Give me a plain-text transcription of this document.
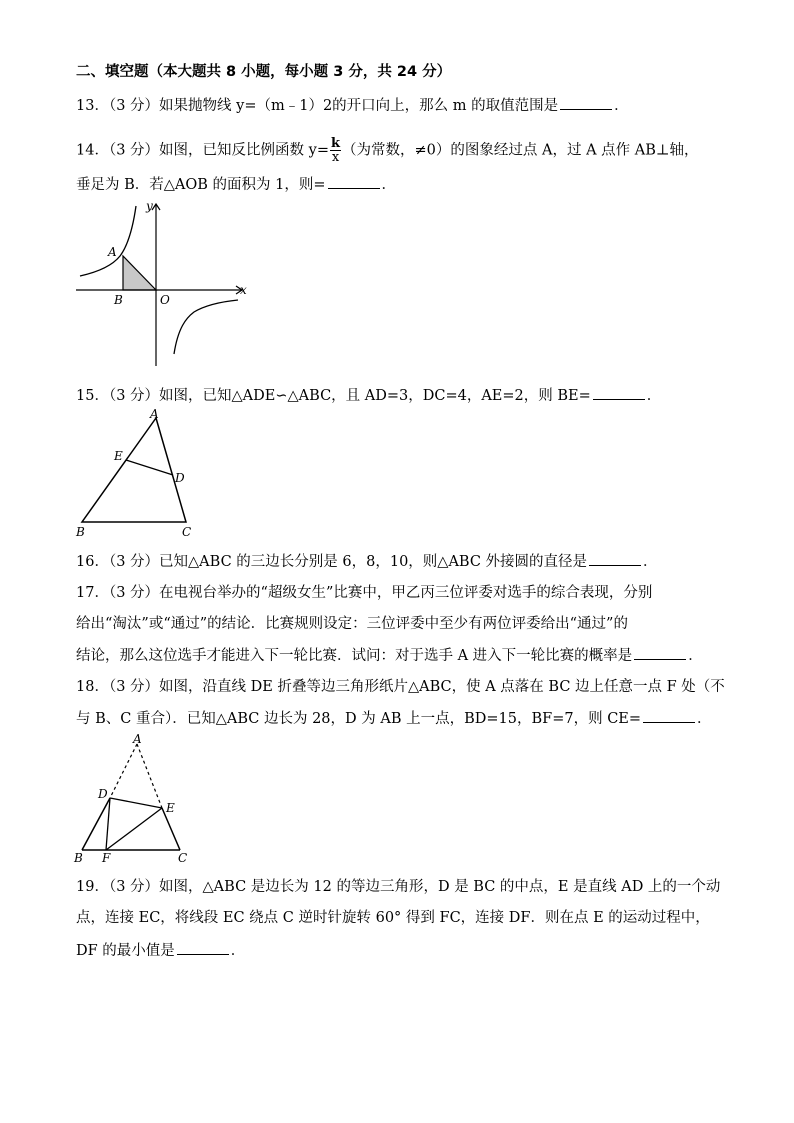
二、填空题（本大题共 8 小题，每小题 3 分，共 24 分）
13．（3 分）如果抛物线 y=（m﹣1）2的开口向上，那么 m 的取值范围是	．
14．（3 分）如图，已知反比例函数 $y= \frac{k}{x}$ （为常数，≠0）的图象经过点 A，过 A 点作 AB⊥轴，
垂足为 B．若△AOB 的面积为 1，则=	．
y
x
A
B	O
15．（3 分）如图，已知△ADE∽△ABC，且 AD=3，DC=4，AE=2，则 BE=	．
A
E
D
B	C
16．（3 分）已知△ABC 的三边长分别是 6，8，10，则△ABC 外接圆的直径是	．
17．（3 分）在电视台举办的“超级女生”比赛中，甲乙丙三位评委对选手的综合表现，分别
给出“淘汰”或“通过”的结论．比赛规则设定：三位评委中至少有两位评委给出“通过”的
结论，那么这位选手才能进入下一轮比赛．试问：对于选手 A 进入下一轮比赛的概率是	．
18．（3 分）如图，沿直线 DE 折叠等边三角形纸片△ABC，使 A 点落在 BC 边上任意一点 F 处（不
与 B、C 重合）．已知△ABC 边长为 28，D 为 AB 上一点，BD=15，BF=7，则 CE=	．
A
D
E
B F	C
19．（3 分）如图，△ABC 是边长为 12 的等边三角形，D 是 BC 的中点，E 是直线 AD 上的一个动
点，连接 EC，将线段 EC 绕点 C 逆时针旋转 60° 得到 FC，连接 DF．则在点 E 的运动过程中，
DF 的最小值是	．
